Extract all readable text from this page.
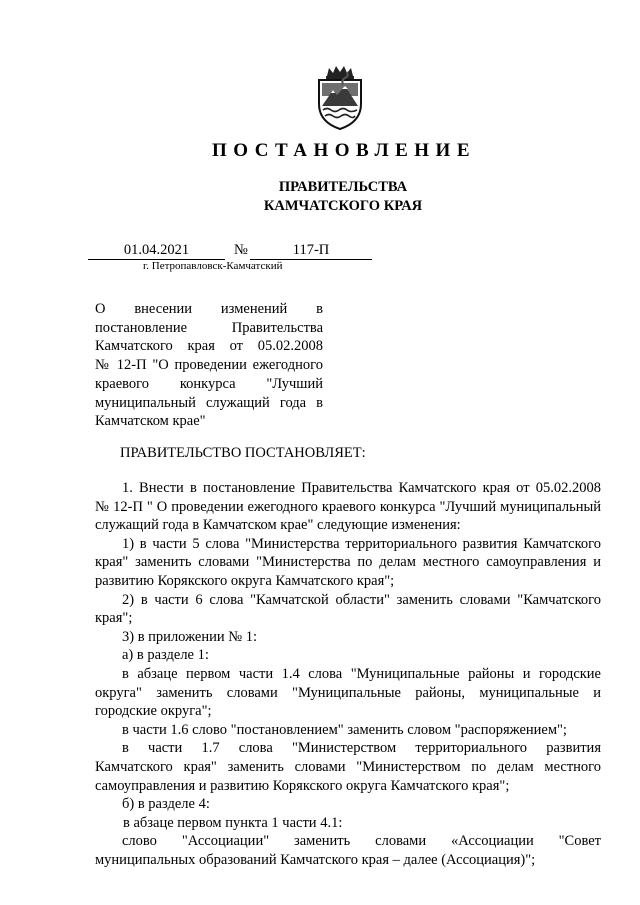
ПОСТАНОВЛЕНИЕ
ПРАВИТЕЛЬСТВА
КАМЧАТСКОГО КРАЯ
01.04.2021	№	117-П
г. Петропавловск-Камчатский
О внесении изменений в
постановление Правительства
Камчатского края от 05.02.2008
№ 12-П "О проведении ежегодного
краевого конкурса "Лучший
муниципальный служащий года в
Камчатском крае"
ПРАВИТЕЛЬСТВО ПОСТАНОВЛЯЕТ:
1. Внести в постановление Правительства Камчатского края от 05.02.2008
№ 12-П " О проведении ежегодного краевого конкурса "Лучший муниципальный
служащий года в Камчатском крае" следующие изменения:
1) в части 5 слова "Министерства территориального развития Камчатского
края" заменить словами "Министерства по делам местного самоуправления и
развитию Корякского округа Камчатского края";
2) в части 6 слова "Камчатской области" заменить словами "Камчатского
края";
3) в приложении № 1:
а) в разделе 1:
в абзаце первом части 1.4 слова "Муниципальные районы и городские
округа" заменить словами "Муниципальные районы, муниципальные и
городские округа";
в части 1.6 слово "постановлением" заменить словом "распоряжением";
в части 1.7 слова "Министерством территориального развития
Камчатского края" заменить словами "Министерством по делам местного
самоуправления и развитию Корякского округа Камчатского края";
б) в разделе 4:
в абзаце первом пункта 1 части 4.1:
слово "Ассоциации" заменить словами «Ассоциации "Совет
муниципальных образований Камчатского края – далее (Ассоциация)";
